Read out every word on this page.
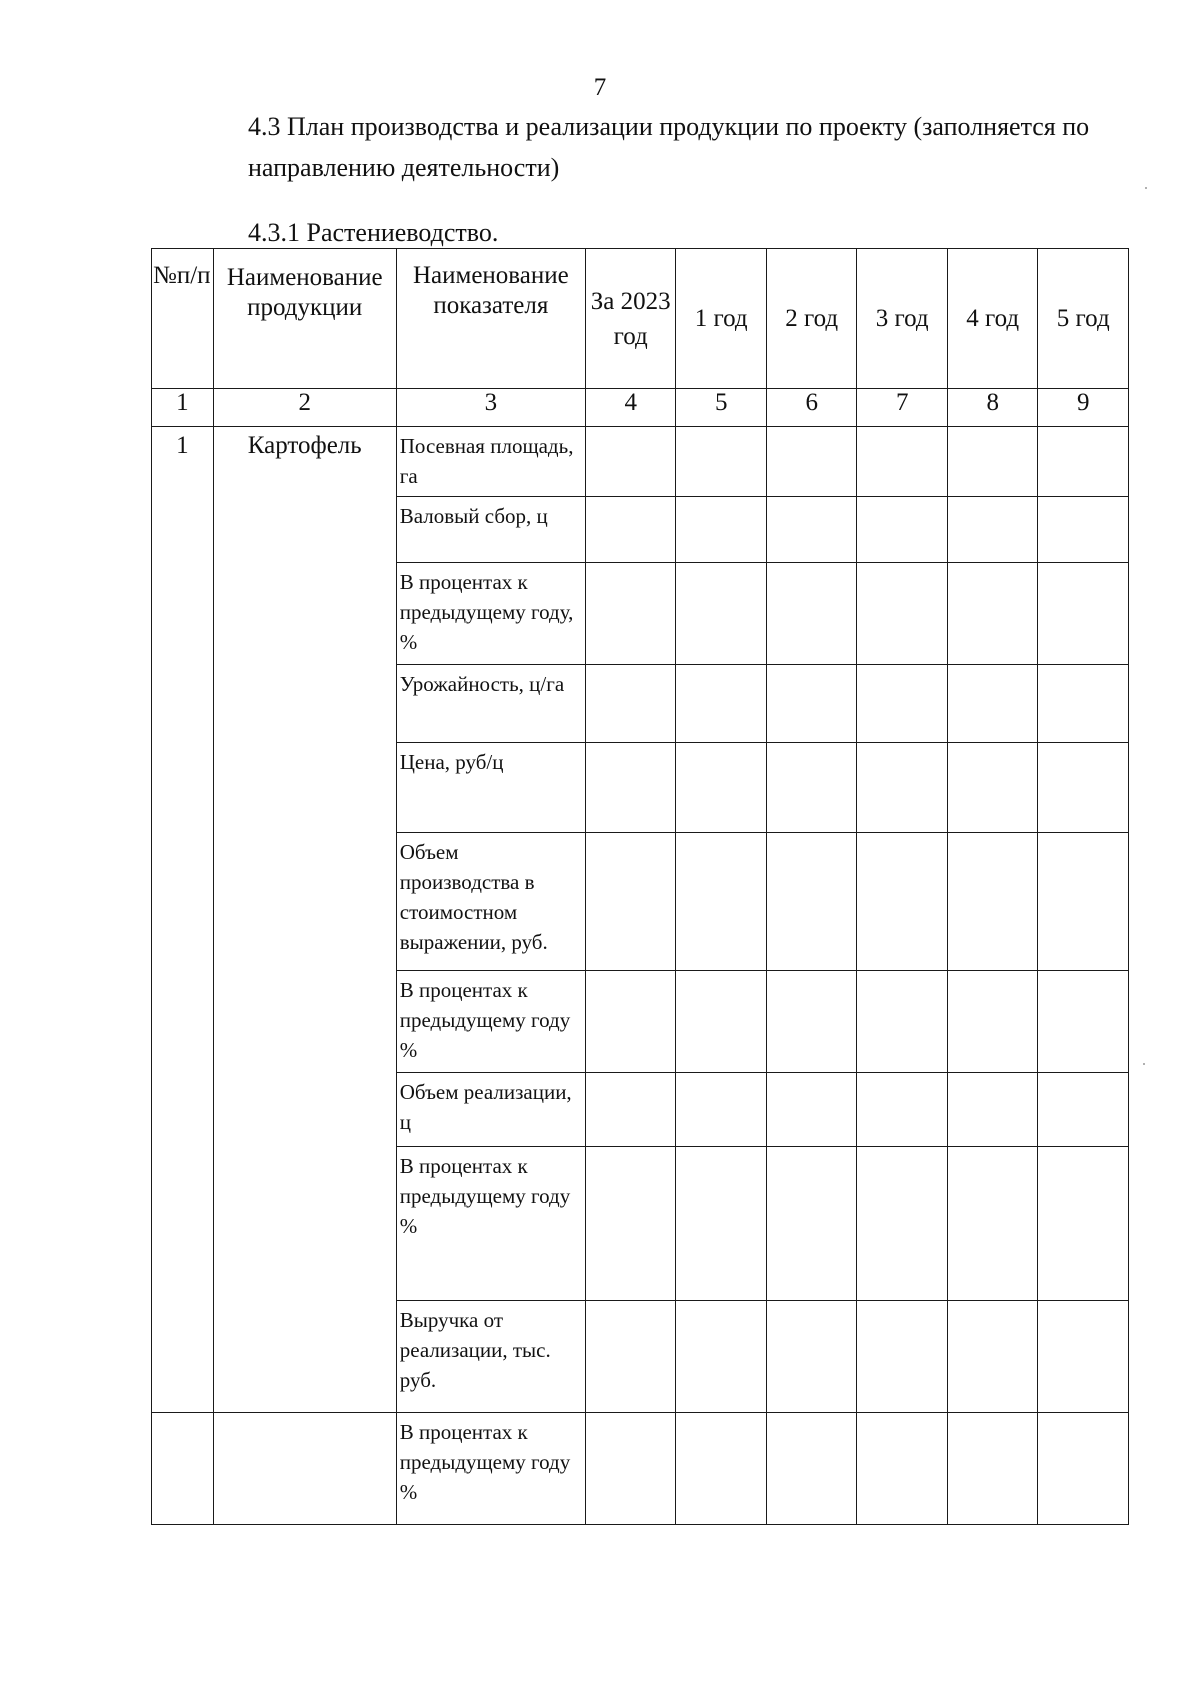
7
4.3 План производства и реализации продукции по проекту (заполняется по направлению деятельности)
4.3.1 Растениеводство.
№п/п	Наименование продукции	Наименование показателя	За 2023 год	1 год	2 год	3 год	4 год	5 год
1	2	3	4	5	6	7	8	9
1	Картофель	Посевная площадь, га						
		Валовый сбор, ц						
		В процентах к предыдущему году, %						
		Урожайность, ц/га						
		Цена, руб/ц						
		Объем производства в стоимостном выражении, руб.						
		В процентах к предыдущему году %						
		Объем реализации, ц						
		В процентах к предыдущему году %						
		Выручка от реализации, тыс. руб.						
		В процентах к предыдущему году %						
